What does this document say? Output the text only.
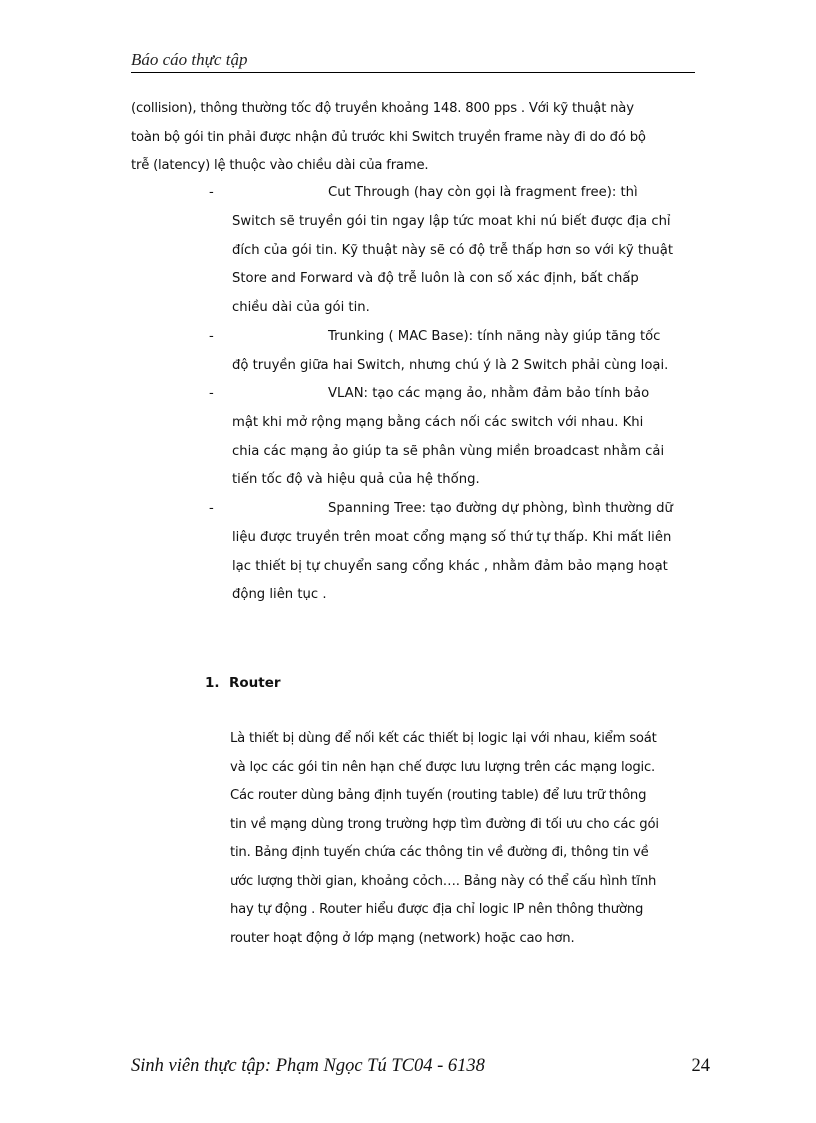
Báo cáo thực tập
(collision), thông thường tốc độ truyền khoảng 148. 800 pps . Với kỹ thuật này
toàn bộ gói tin phải được nhận đủ trước khi Switch truyền frame này đi do đó bộ
trễ (latency) lệ thuộc vào chiều dài của frame.
-	Cut Through (hay còn gọi là fragment free): thì
Switch sẽ truyền gói tin ngay lập tức moat khi nú biết được địa chỉ
đích của gói tin. Kỹ thuật này sẽ có độ trễ thấp hơn so với kỹ thuật
Store and Forward và độ trễ luôn là con số xác định, bất chấp
chiều dài của gói tin.
-	Trunking ( MAC Base): tính năng này giúp tăng tốc
độ truyền giữa hai Switch, nhưng chú ý là 2 Switch phải cùng loại.
-	VLAN: tạo các mạng ảo, nhằm đảm bảo tính bảo
mật khi mở rộng mạng bằng cách nối các switch với nhau. Khi
chia các mạng ảo giúp ta sẽ phân vùng miền broadcast nhằm cải
tiến tốc độ và hiệu quả của hệ thống.
-	Spanning Tree: tạo đường dự phòng, bình thường dữ
liệu được truyền trên moat cổng mạng số thứ tự thấp. Khi mất liên
lạc thiết bị tự chuyển sang cổng khác , nhằm đảm bảo mạng hoạt
động liên tục .
1. Router
Là thiết bị dùng để nối kết các thiết bị logic lại với nhau, kiểm soát
và lọc các gói tin nên hạn chế được lưu lượng trên các mạng logic.
Các router dùng bảng định tuyến (routing table) để lưu trữ thông
tin về mạng dùng trong trường hợp tìm đường đi tối ưu cho các gói
tin. Bảng định tuyến chứa các thông tin về đường đi, thông tin về
ước lượng thời gian, khoảng cỏch…. Bảng này có thể cấu hình tĩnh
hay tự động . Router hiểu được địa chỉ logic IP nên thông thường
router hoạt động ở lớp mạng (network) hoặc cao hơn.
Sinh viên thực tập: Phạm Ngọc Tú TC04 - 6138	24
